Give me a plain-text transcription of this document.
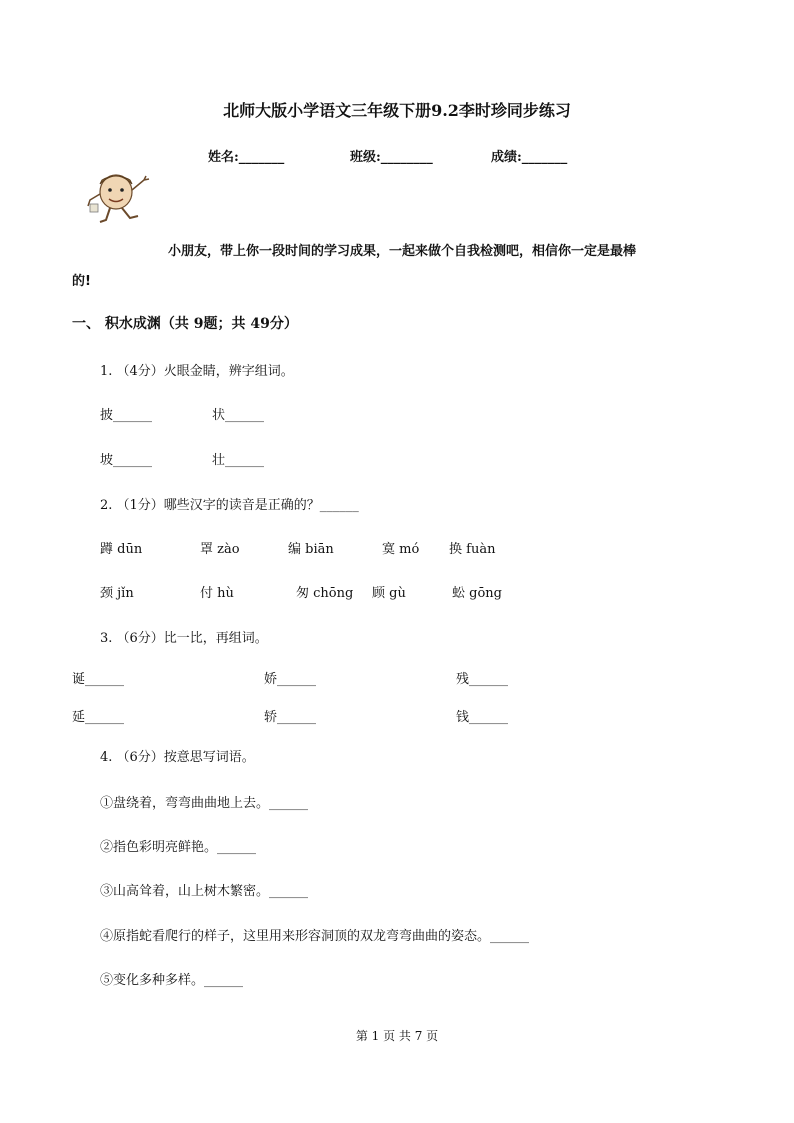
北师大版小学语文三年级下册9.2李时珍同步练习
姓名:_______	班级:________	成绩:_______
小朋友，带上你一段时间的学习成果，一起来做个自我检测吧，相信你一定是最棒
的!
一、 积水成渊（共 9题；共 49分）
1. （4分）火眼金睛，辨字组词。
披______	状______
坡______	壮______
2. （1分）哪些汉字的读音是正确的？______
蹲 dūn	罩 zào	编 biān	寞 mó 换 fuàn
颈 jǐn	付 hù	匆 chōng 顾 gù	蚣 gōng
3. （6分）比一比，再组词。
诞______	娇______	残______
延______	轿______	钱______
4. （6分）按意思写词语。
①盘绕着，弯弯曲曲地上去。______
②指色彩明亮鲜艳。______
③山高耸着，山上树木繁密。______
④原指蛇看爬行的样子，这里用来形容洞顶的双龙弯弯曲曲的姿态。______
⑤变化多种多样。______
第 1 页 共 7 页
